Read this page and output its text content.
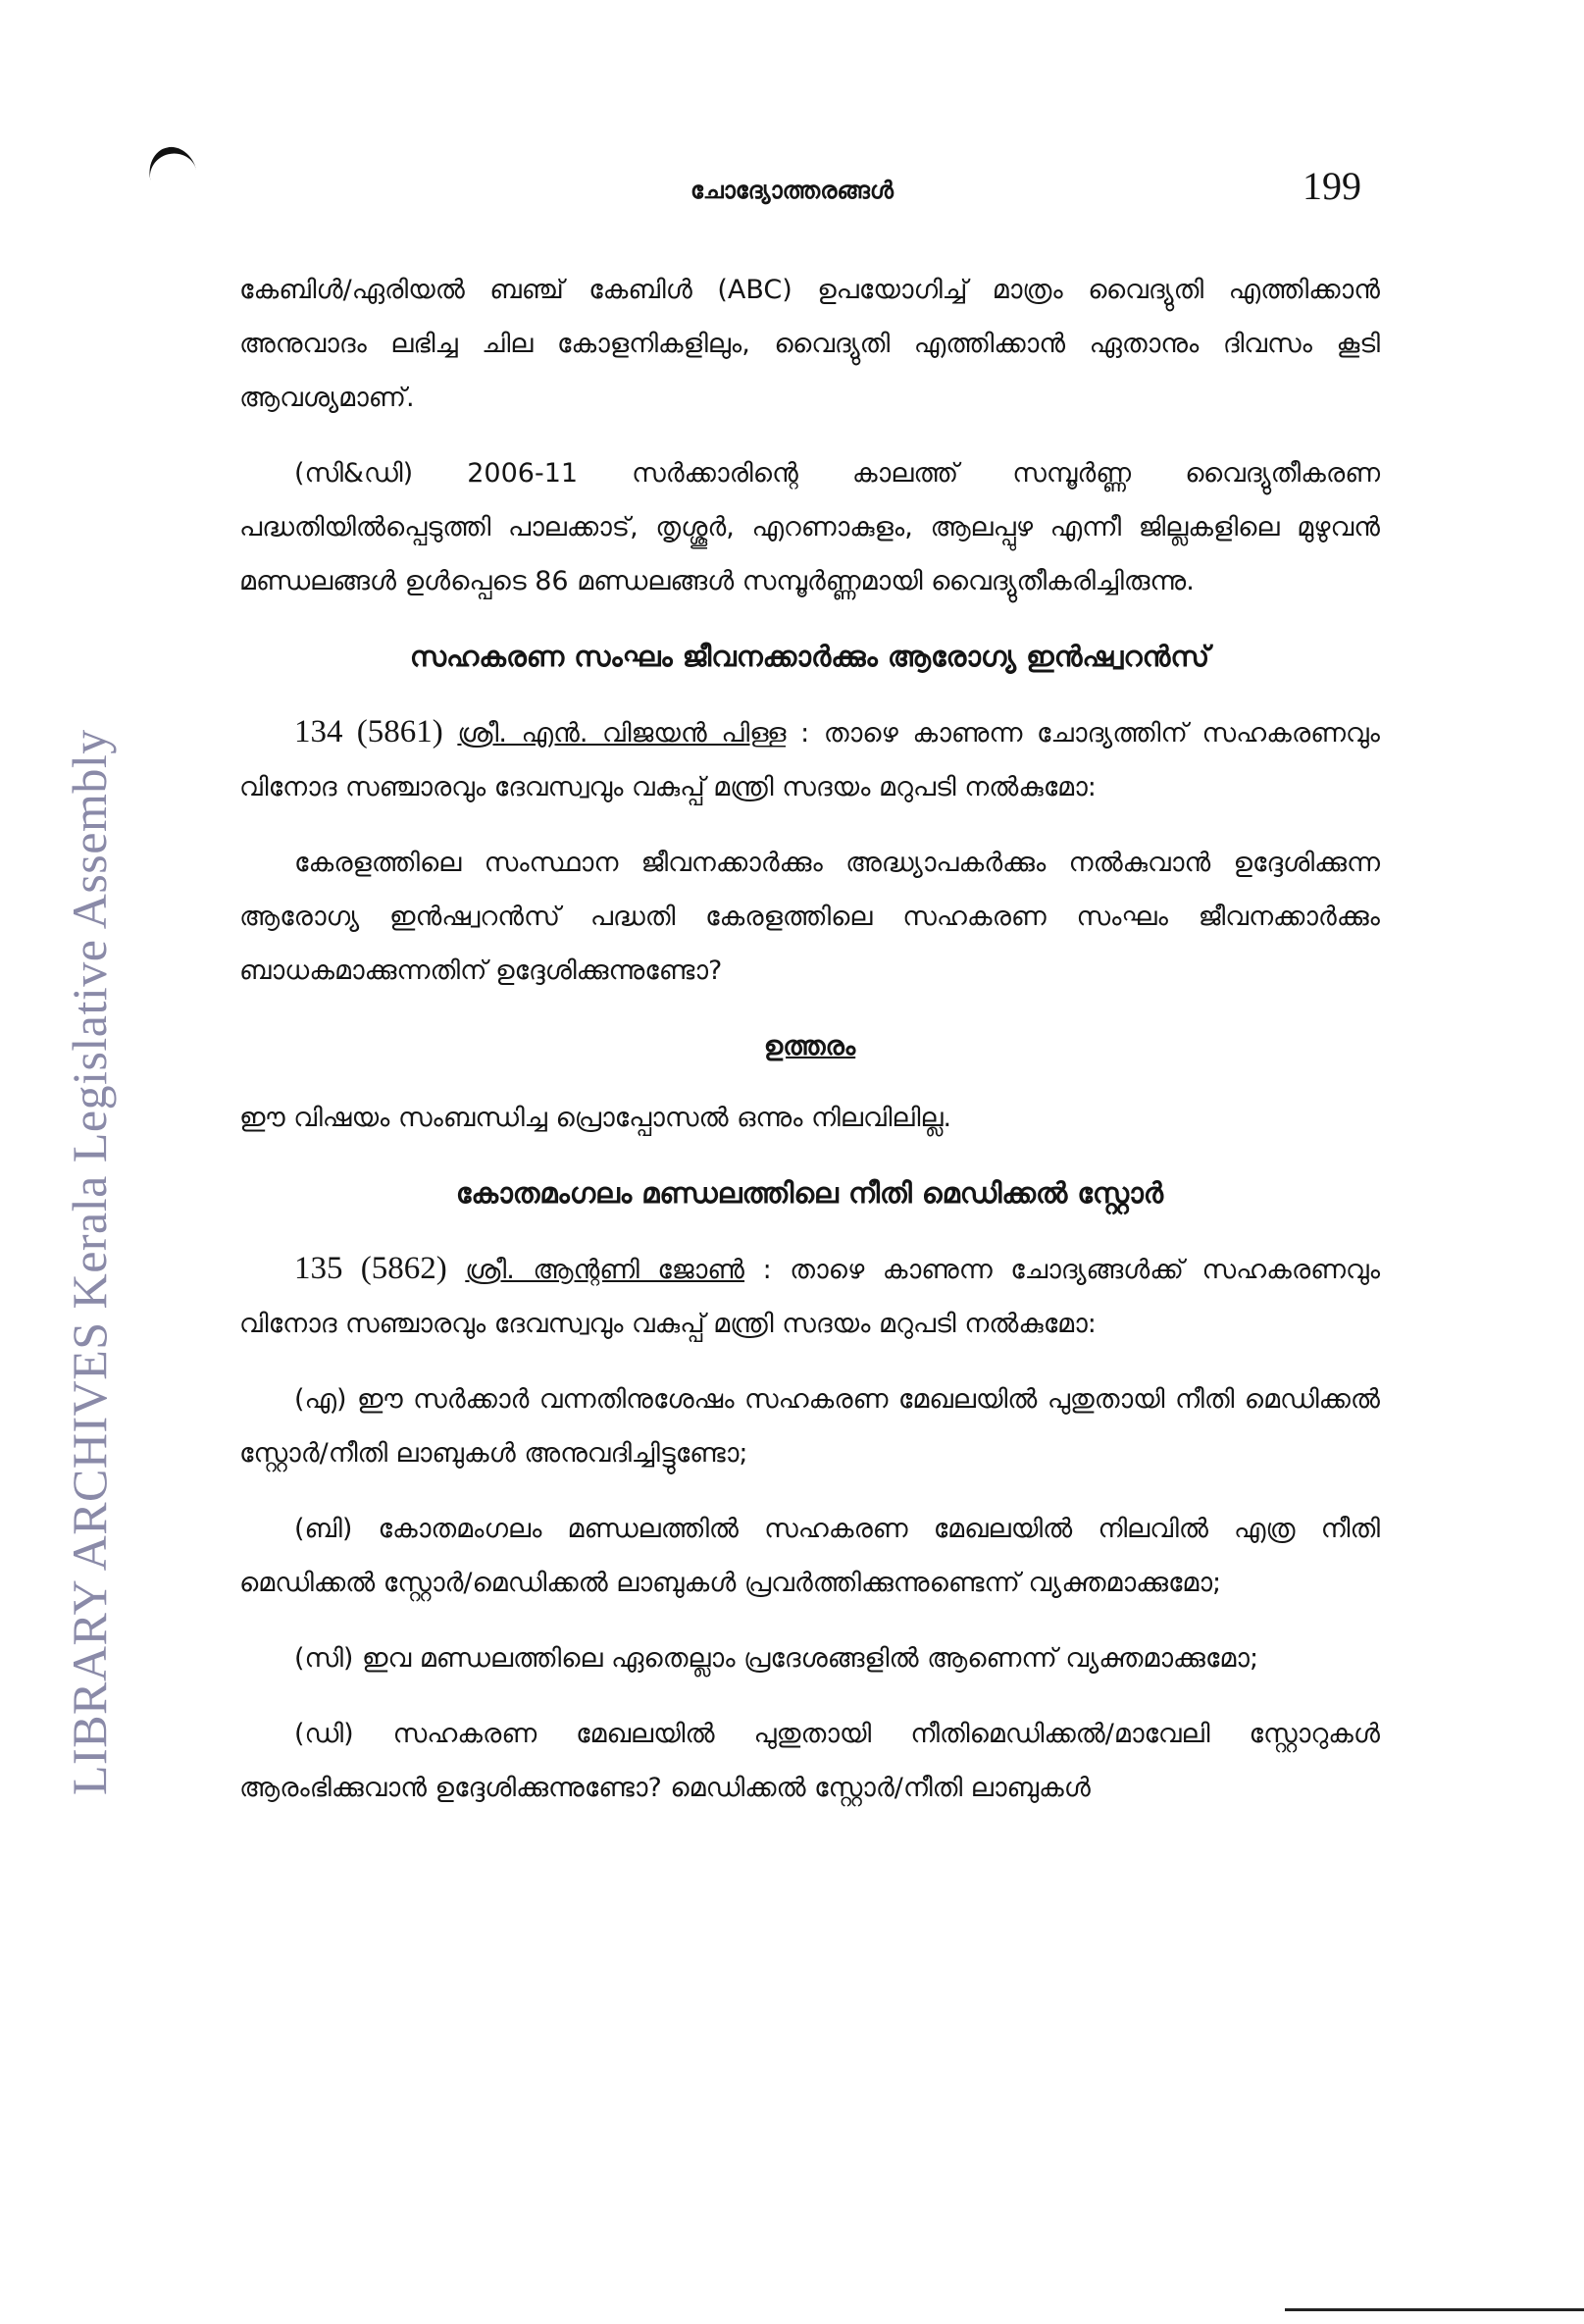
LIBRARY ARCHIVES Kerala Legislative Assembly
ചോദ്യോത്തരങ്ങൾ	199

കേബിൾ/ഏരിയൽ ബഞ്ച് കേബിൾ (ABC) ഉപയോഗിച്ച് മാത്രം വൈദ്യുതി എത്തിക്കാൻ അനുവാദം ലഭിച്ച ചില കോളനികളിലും, വൈദ്യുതി എത്തിക്കാൻ ഏതാനും ദിവസം കൂടി ആവശ്യമാണ്.

(സി&ഡി) 2006-11 സർക്കാരിന്റെ കാലത്ത് സമ്പൂർണ്ണ വൈദ്യുതീകരണ പദ്ധതിയിൽപ്പെടുത്തി പാലക്കാട്, തൃശ്ശൂർ, എറണാകുളം, ആലപ്പുഴ എന്നീ ജില്ലകളിലെ മുഴുവൻ മണ്ഡലങ്ങൾ ഉൾപ്പെടെ 86 മണ്ഡലങ്ങൾ സമ്പൂർണ്ണമായി വൈദ്യുതീകരിച്ചിരുന്നു.

സഹകരണ സംഘം ജീവനക്കാർക്കും ആരോഗ്യ ഇൻഷ്വറൻസ്

134 (5861) ശ്രീ. എൻ. വിജയൻ പിള്ള : താഴെ കാണുന്ന ചോദ്യത്തിന് സഹകരണവും വിനോദ സഞ്ചാരവും ദേവസ്വവും വകുപ്പ് മന്ത്രി സദയം മറുപടി നൽകുമോ:

കേരളത്തിലെ സംസ്ഥാന ജീവനക്കാർക്കും അദ്ധ്യാപകർക്കും നൽകുവാൻ ഉദ്ദേശിക്കുന്ന ആരോഗ്യ ഇൻഷ്വറൻസ് പദ്ധതി കേരളത്തിലെ സഹകരണ സംഘം ജീവനക്കാർക്കും ബാധകമാക്കുന്നതിന് ഉദ്ദേശിക്കുന്നുണ്ടോ?

ഉത്തരം

ഈ വിഷയം സംബന്ധിച്ച പ്രൊപ്പോസൽ ഒന്നും നിലവിലില്ല.

കോതമംഗലം മണ്ഡലത്തിലെ നീതി മെഡിക്കൽ സ്റ്റോർ

135 (5862) ശ്രീ. ആന്റണി ജോൺ : താഴെ കാണുന്ന ചോദ്യങ്ങൾക്ക് സഹകരണവും വിനോദ സഞ്ചാരവും ദേവസ്വവും വകുപ്പ് മന്ത്രി സദയം മറുപടി നൽകുമോ:

(എ) ഈ സർക്കാർ വന്നതിനുശേഷം സഹകരണ മേഖലയിൽ പുതുതായി നീതി മെഡിക്കൽ സ്റ്റോർ/നീതി ലാബുകൾ അനുവദിച്ചിട്ടുണ്ടോ;

(ബി) കോതമംഗലം മണ്ഡലത്തിൽ സഹകരണ മേഖലയിൽ നിലവിൽ എത്ര നീതി മെഡിക്കൽ സ്റ്റോർ/മെഡിക്കൽ ലാബുകൾ പ്രവർത്തിക്കുന്നുണ്ടെന്ന് വ്യക്തമാക്കുമോ;

(സി) ഇവ മണ്ഡലത്തിലെ ഏതെല്ലാം പ്രദേശങ്ങളിൽ ആണെന്ന് വ്യക്തമാക്കുമോ;

(ഡി) സഹകരണ മേഖലയിൽ പുതുതായി നീതിമെഡിക്കൽ/മാവേലി സ്റ്റോറുകൾ ആരംഭിക്കുവാൻ ഉദ്ദേശിക്കുന്നുണ്ടോ? മെഡിക്കൽ സ്റ്റോർ/നീതി ലാബുകൾ
